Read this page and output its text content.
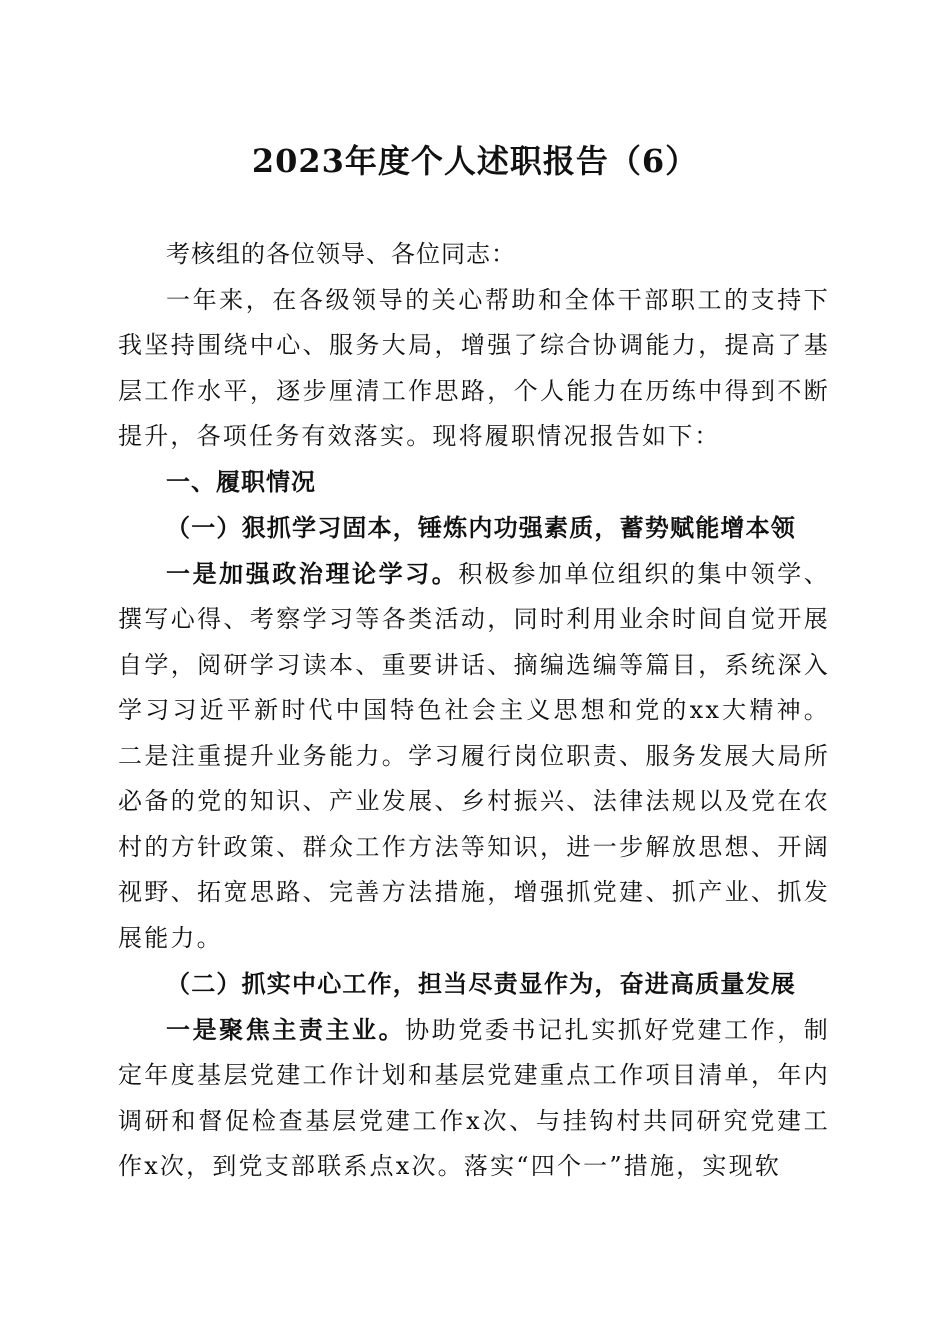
2023年度个人述职报告（6）

考核组的各位领导、各位同志：

一年来，在各级领导的关心帮助和全体干部职工的支持下我坚持围绕中心、服务大局，增强了综合协调能力，提高了基层工作水平，逐步厘清工作思路，个人能力在历练中得到不断提升，各项任务有效落实。现将履职情况报告如下：

一、履职情况

（一）狠抓学习固本，锤炼内功强素质，蓄势赋能增本领

一是加强政治理论学习。积极参加单位组织的集中领学、撰写心得、考察学习等各类活动，同时利用业余时间自觉开展自学，阅研学习读本、重要讲话、摘编选编等篇目，系统深入学习习近平新时代中国特色社会主义思想和党的xx大精神。二是注重提升业务能力。学习履行岗位职责、服务发展大局所必备的党的知识、产业发展、乡村振兴、法律法规以及党在农村的方针政策、群众工作方法等知识，进一步解放思想、开阔视野、拓宽思路、完善方法措施，增强抓党建、抓产业、抓发展能力。

（二）抓实中心工作，担当尽责显作为，奋进高质量发展

一是聚焦主责主业。协助党委书记扎实抓好党建工作，制定年度基层党建工作计划和基层党建重点工作项目清单，年内调研和督促检查基层党建工作x次、与挂钩村共同研究党建工作x次，到党支部联系点x次。落实“四个一”措施，实现软
